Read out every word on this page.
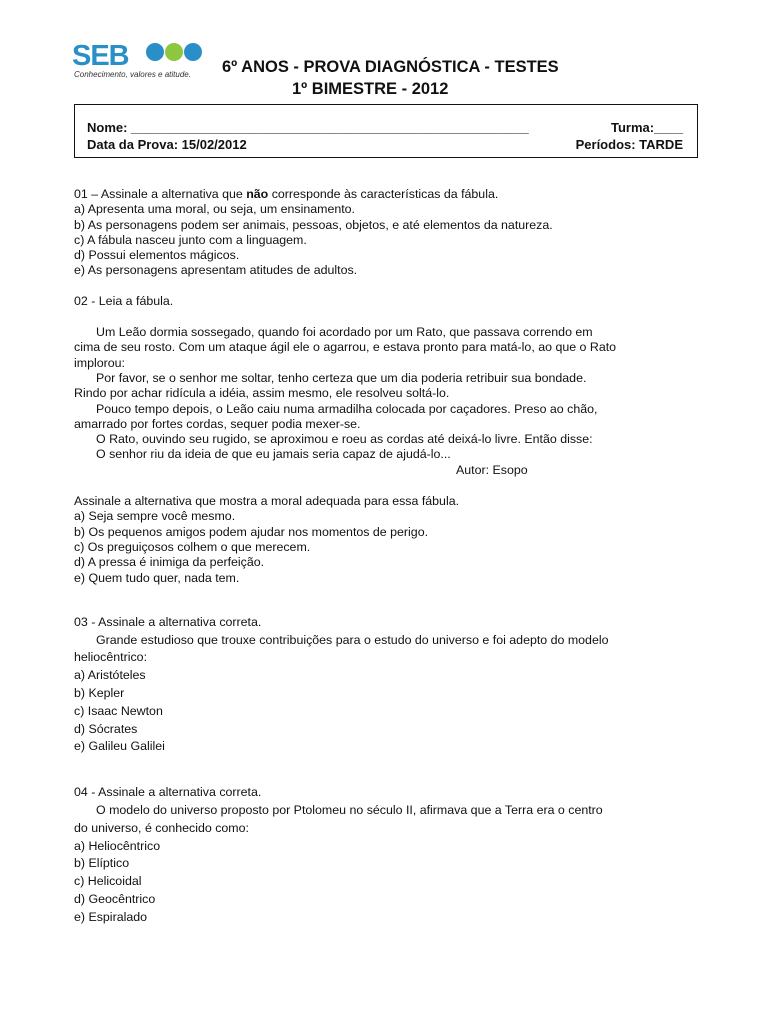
SEB
Conhecimento, valores e atitude. 6º ANOS - PROVA DIAGNÓSTICA - TESTES
1º BIMESTRE - 2012
Nome: _______________________________________________________	Turma:____
Data da Prova: 15/02/2012	Períodos: TARDE
01 – Assinale a alternativa que não corresponde às características da fábula.
a) Apresenta uma moral, ou seja, um ensinamento.
b) As personagens podem ser animais, pessoas, objetos, e até elementos da natureza.
c) A fábula nasceu junto com a linguagem.
d) Possui elementos mágicos.
e) As personagens apresentam atitudes de adultos.
02 - Leia a fábula.
Um Leão dormia sossegado, quando foi acordado por um Rato, que passava correndo em
cima de seu rosto. Com um ataque ágil ele o agarrou, e estava pronto para matá-lo, ao que o Rato
implorou:
Por favor, se o senhor me soltar, tenho certeza que um dia poderia retribuir sua bondade.
Rindo por achar ridícula a idéia, assim mesmo, ele resolveu soltá-lo.
Pouco tempo depois, o Leão caiu numa armadilha colocada por caçadores. Preso ao chão,
amarrado por fortes cordas, sequer podia mexer-se.
O Rato, ouvindo seu rugido, se aproximou e roeu as cordas até deixá-lo livre. Então disse:
O senhor riu da ideia de que eu jamais seria capaz de ajudá-lo...
Autor: Esopo
Assinale a alternativa que mostra a moral adequada para essa fábula.
a) Seja sempre você mesmo.
b) Os pequenos amigos podem ajudar nos momentos de perigo.
c) Os preguiçosos colhem o que merecem.
d) A pressa é inimiga da perfeição.
e) Quem tudo quer, nada tem.
03 - Assinale a alternativa correta.
Grande estudioso que trouxe contribuições para o estudo do universo e foi adepto do modelo
heliocêntrico:
a) Aristóteles
b) Kepler
c) Isaac Newton
d) Sócrates
e) Galileu Galilei
04 - Assinale a alternativa correta.
O modelo do universo proposto por Ptolomeu no século II, afirmava que a Terra era o centro
do universo, é conhecido como:
a) Heliocêntrico
b) Elíptico
c) Helicoidal
d) Geocêntrico
e) Espiralado
